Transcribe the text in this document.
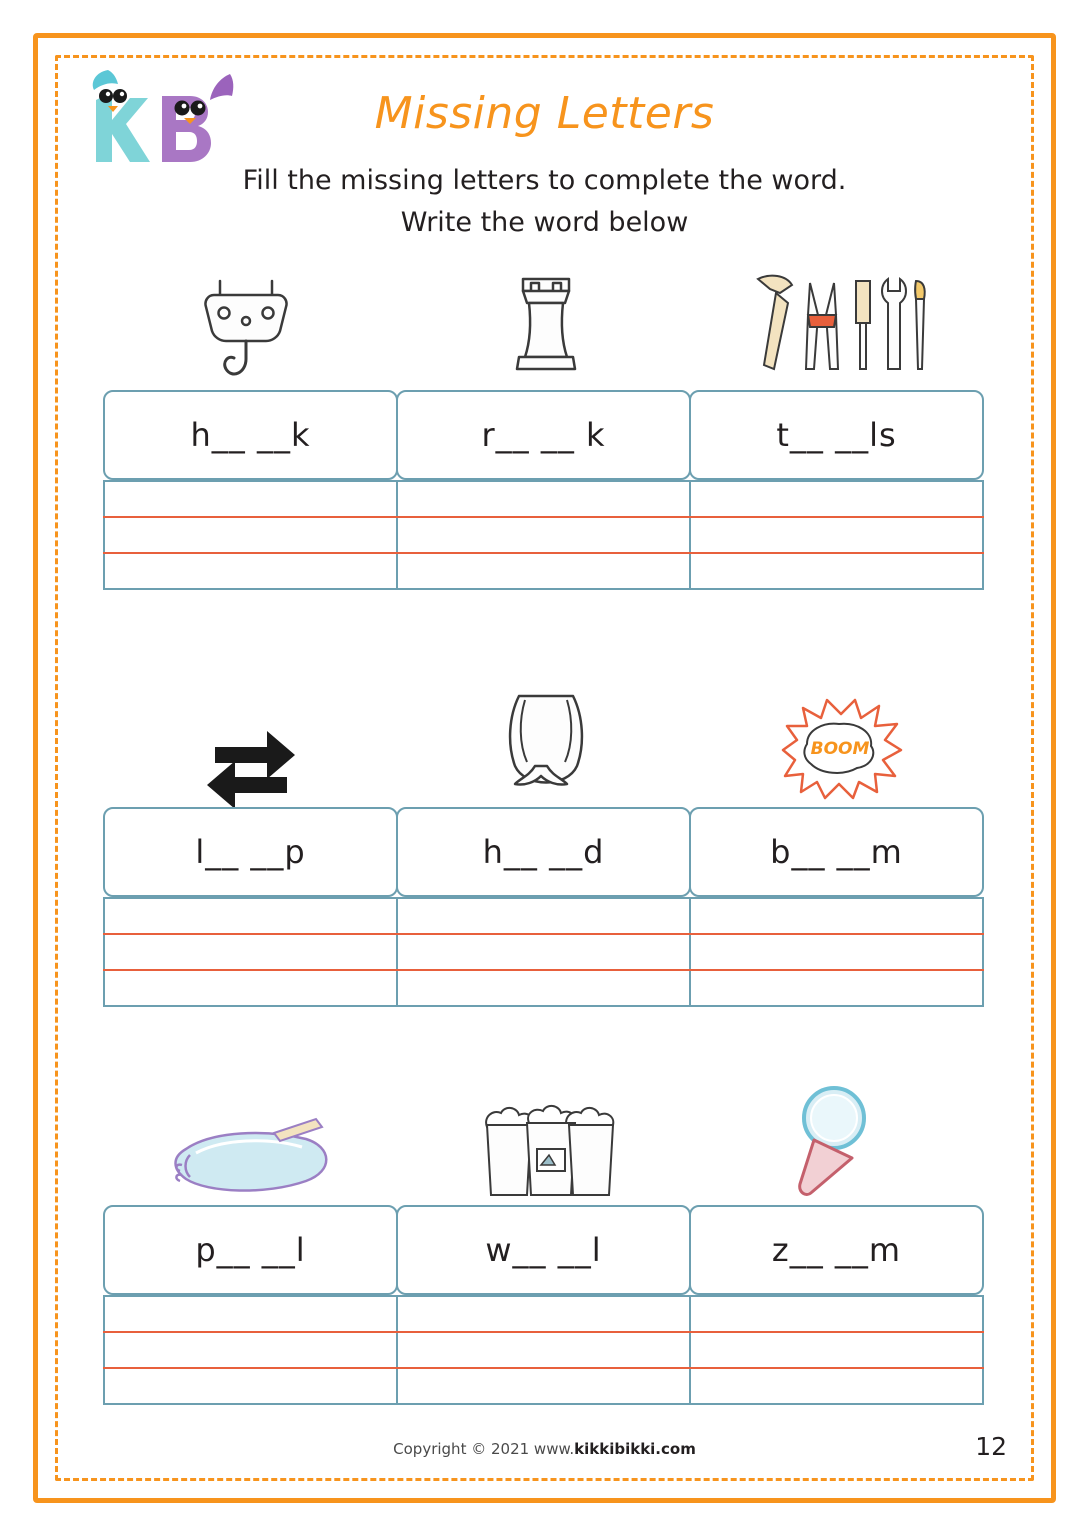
Missing Letters
Fill the missing letters to complete the word.
Write the word below
h__ __k	r__ __ k	t__ __ls
BOOM
l__ __p	h__ __d	b__ __m
p__ __l	w__ __l	z__ __m
Copyright © 2021 www.kikkibikki.com	12
